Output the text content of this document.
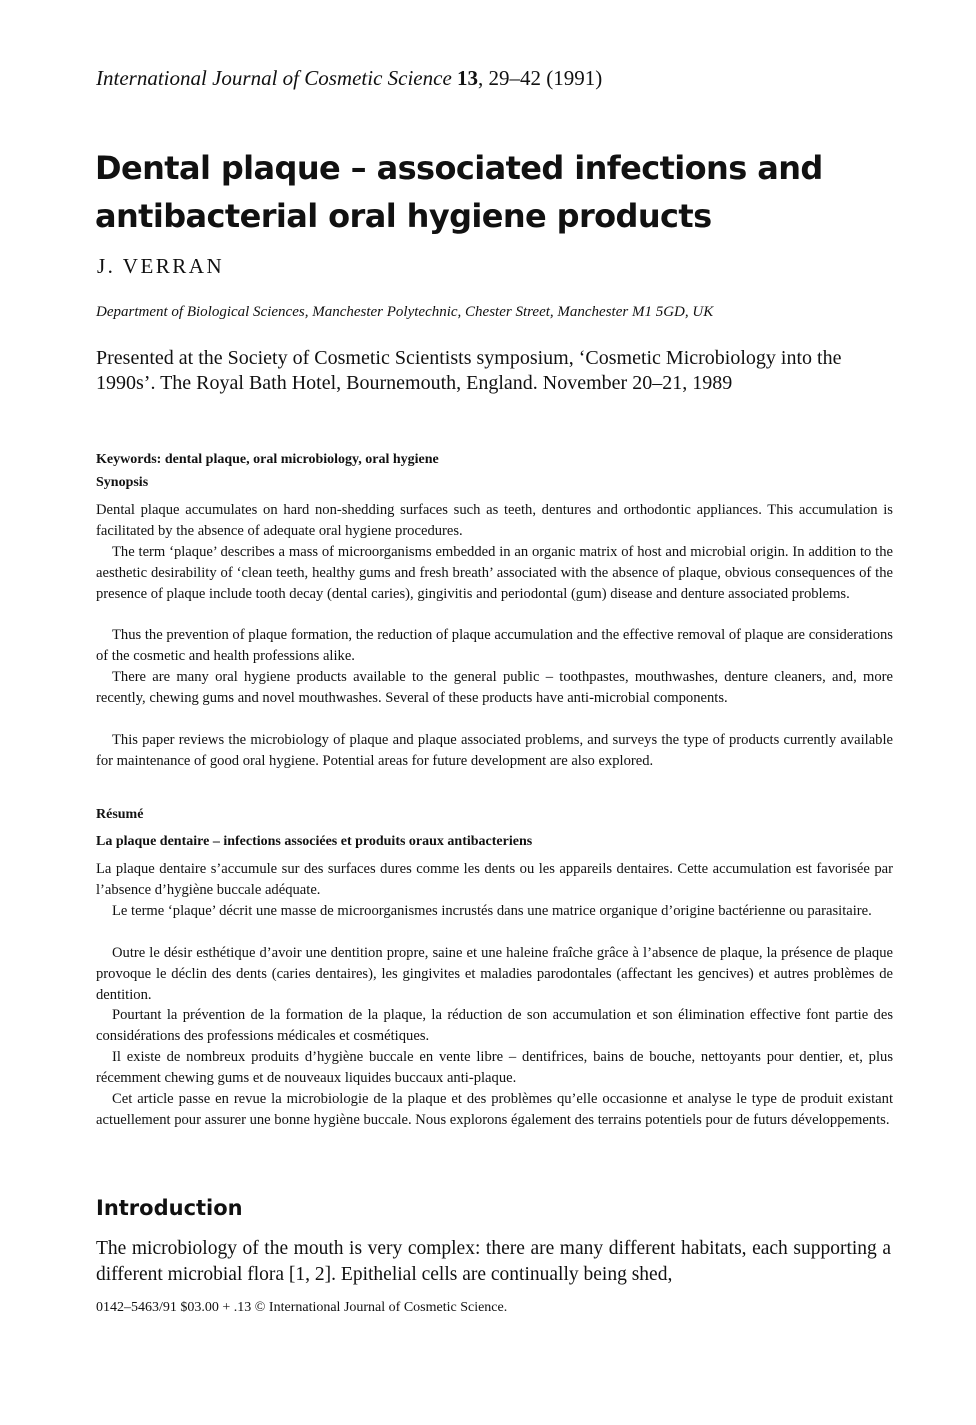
International Journal of Cosmetic Science 13, 29–42 (1991)
Dental plaque – associated infections and antibacterial oral hygiene products
J. VERRAN
Department of Biological Sciences, Manchester Polytechnic, Chester Street, Manchester M1 5GD, UK
Presented at the Society of Cosmetic Scientists symposium, ‘Cosmetic Microbiology into the 1990s’. The Royal Bath Hotel, Bournemouth, England. November 20–21, 1989
Keywords: dental plaque, oral microbiology, oral hygiene
Synopsis

Dental plaque accumulates on hard non-shedding surfaces such as teeth, dentures and orthodontic appliances. This accumulation is facilitated by the absence of adequate oral hygiene procedures.

The term ‘plaque’ describes a mass of microorganisms embedded in an organic matrix of host and microbial origin. In addition to the aesthetic desirability of ‘clean teeth, healthy gums and fresh breath’ associated with the absence of plaque, obvious consequences of the presence of plaque include tooth decay (dental caries), gingivitis and periodontal (gum) disease and denture associated problems.

Thus the prevention of plaque formation, the reduction of plaque accumulation and the effective removal of plaque are considerations of the cosmetic and health professions alike.

There are many oral hygiene products available to the general public – toothpastes, mouthwashes, denture cleaners, and, more recently, chewing gums and novel mouthwashes. Several of these products have anti-microbial components.

This paper reviews the microbiology of plaque and plaque associated problems, and surveys the type of products currently available for maintenance of good oral hygiene. Potential areas for future development are also explored.

Résumé
La plaque dentaire – infections associées et produits oraux antibacteriens

La plaque dentaire s’accumule sur des surfaces dures comme les dents ou les appareils dentaires. Cette accumulation est favorisée par l’absence d’hygiène buccale adéquate.

Le terme ‘plaque’ décrit une masse de microorganismes incrustés dans une matrice organique d’origine bactérienne ou parasitaire.

Outre le désir esthétique d’avoir une dentition propre, saine et une haleine fraîche grâce à l’absence de plaque, la présence de plaque provoque le déclin des dents (caries dentaires), les gingivites et maladies parodontales (affectant les gencives) et autres problèmes de dentition.

Pourtant la prévention de la formation de la plaque, la réduction de son accumulation et son élimination effective font partie des considérations des professions médicales et cosmétiques.

Il existe de nombreux produits d’hygiène buccale en vente libre – dentifrices, bains de bouche, nettoyants pour dentier, et, plus récemment chewing gums et de nouveaux liquides buccaux anti-plaque.

Cet article passe en revue la microbiologie de la plaque et des problèmes qu’elle occasionne et analyse le type de produit existant actuellement pour assurer une bonne hygiène buccale. Nous explorons également des terrains potentiels pour de futurs développements.

Introduction

The microbiology of the mouth is very complex: there are many different habitats, each supporting a different microbial flora [1, 2]. Epithelial cells are continually being shed,

0142–5463/91 $03.00 + .13 © International Journal of Cosmetic Science.
